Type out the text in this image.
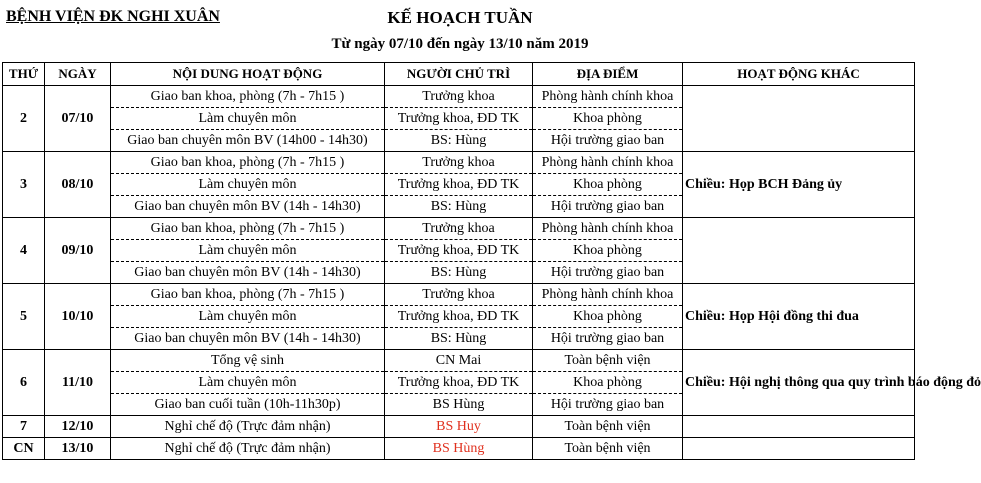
BỆNH VIỆN ĐK NGHI XUÂN	KẾ HOẠCH TUẦN
Từ ngày 07/10 đến ngày 13/10 năm 2019
THỨ	NGÀY	NỘI DUNG HOẠT ĐỘNG	NGƯỜI CHỦ TRÌ	ĐỊA ĐIỂM	HOẠT ĐỘNG KHÁC
2	07/10	Giao ban khoa, phòng (7h - 7h15 )	Trưởng khoa	Phòng hành chính khoa	
		Làm chuyên môn	Trưởng khoa, ĐD TK	Khoa phòng	
		Giao ban chuyên môn BV (14h00 - 14h30)	BS: Hùng	Hội trường giao ban	
3	08/10	Giao ban khoa, phòng (7h - 7h15 )	Trưởng khoa	Phòng hành chính khoa	Chiều: Họp BCH Đảng ủy
		Làm chuyên môn	Trưởng khoa, ĐD TK	Khoa phòng	
		Giao ban chuyên môn BV (14h - 14h30)	BS: Hùng	Hội trường giao ban	
4	09/10	Giao ban khoa, phòng (7h - 7h15 )	Trưởng khoa	Phòng hành chính khoa	
		Làm chuyên môn	Trưởng khoa, ĐD TK	Khoa phòng	
		Giao ban chuyên môn BV (14h - 14h30)	BS: Hùng	Hội trường giao ban	
5	10/10	Giao ban khoa, phòng (7h - 7h15 )	Trưởng khoa	Phòng hành chính khoa	Chiều: Họp Hội đồng thi đua
		Làm chuyên môn	Trưởng khoa, ĐD TK	Khoa phòng	
		Giao ban chuyên môn BV (14h - 14h30)	BS: Hùng	Hội trường giao ban	
6	11/10	Tổng vệ sinh	CN Mai	Toàn bệnh viện	Chiều: Hội nghị thông qua quy trình báo động đỏ
		Làm chuyên môn	Trưởng khoa, ĐD TK	Khoa phòng	
		Giao ban cuối tuần (10h-11h30p)	BS Hùng	Hội trường giao ban	
7	12/10	Nghỉ chế độ (Trực đảm nhận)	BS Huy	Toàn bệnh viện	
CN	13/10	Nghỉ chế độ (Trực đảm nhận)	BS Hùng	Toàn bệnh viện	
